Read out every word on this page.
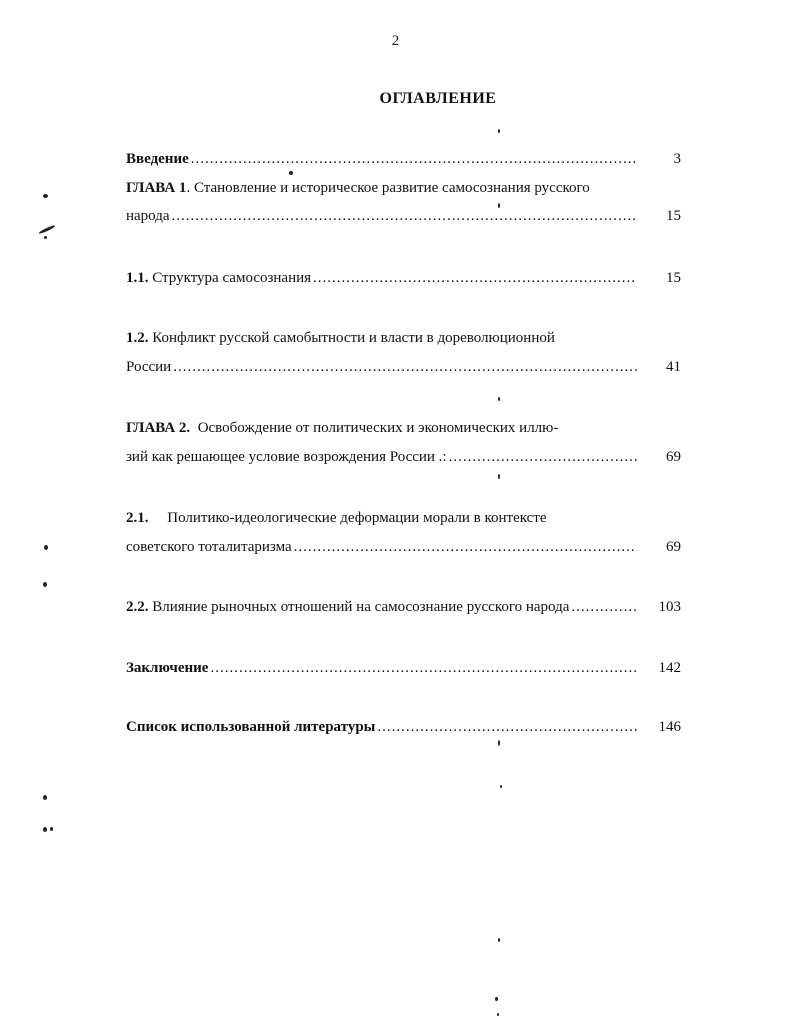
2
ОГЛАВЛЕНИЕ
Введение .....	3
ГЛАВА 1. Становление и историческое развитие самосознания русского
народа .....	15
1.1. Структура самосознания .....	15
1.2. Конфликт русской самобытности и власти в дореволюционной
России .....	41
ГЛАВА 2.  Освобождение от политических и экономических иллю-
зий как решающее условие возрождения России .: .....	69
2.1.     Политико-идеологические деформации морали в контексте
советского тоталитаризма .....	69
2.2. Влияние рыночных отношений на самосознание русского народа .....	103
Заключение .....	142
Список использованной литературы .....	146
